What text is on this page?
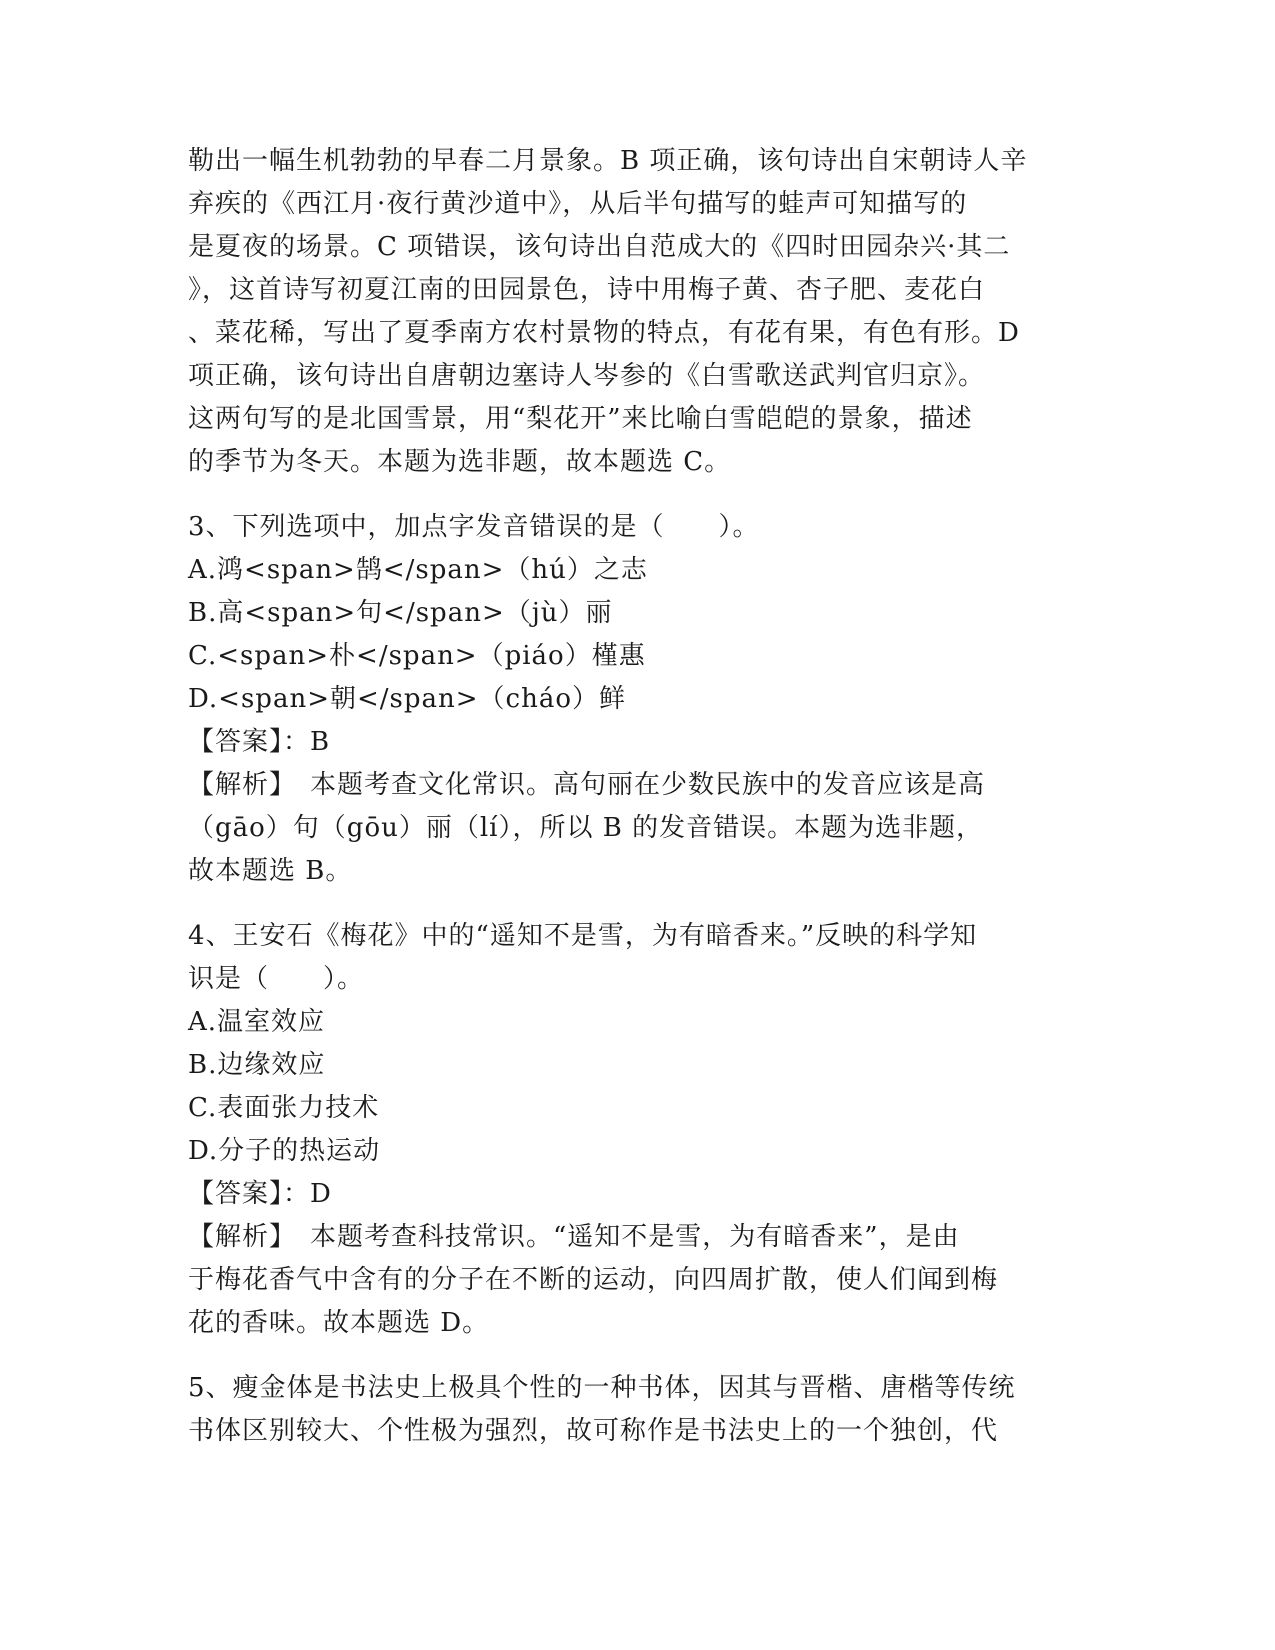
勒出一幅生机勃勃的早春二月景象。B 项正确，该句诗出自宋朝诗人辛
弃疾的《西江月·夜行黄沙道中》，从后半句描写的蛙声可知描写的
是夏夜的场景。C 项错误，该句诗出自范成大的《四时田园杂兴·其二
》，这首诗写初夏江南的田园景色，诗中用梅子黄、杏子肥、麦花白
、菜花稀，写出了夏季南方农村景物的特点，有花有果，有色有形。D
项正确，该句诗出自唐朝边塞诗人岑参的《白雪歌送武判官归京》。
这两句写的是北国雪景，用“梨花开”来比喻白雪皑皑的景象，描述
的季节为冬天。本题为选非题，故本题选 C。
3、下列选项中，加点字发音错误的是（　　）。
A.鸿<span>鹄</span>（hú）之志
B.高<span>句</span>（jù）丽
C.<span>朴</span>（piáo）槿惠
D.<span>朝</span>（cháo）鲜
【答案】：B
【解析】　本题考查文化常识。高句丽在少数民族中的发音应该是高
（gāo）句（gōu）丽（lí），所以 B 的发音错误。本题为选非题，
故本题选 B。
4、王安石《梅花》中的“遥知不是雪，为有暗香来。”反映的科学知
识是（　　）。
A.温室效应
B.边缘效应
C.表面张力技术
D.分子的热运动
【答案】：D
【解析】　本题考查科技常识。“遥知不是雪，为有暗香来”，是由
于梅花香气中含有的分子在不断的运动，向四周扩散，使人们闻到梅
花的香味。故本题选 D。
5、瘦金体是书法史上极具个性的一种书体，因其与晋楷、唐楷等传统
书体区别较大、个性极为强烈，故可称作是书法史上的一个独创，代
